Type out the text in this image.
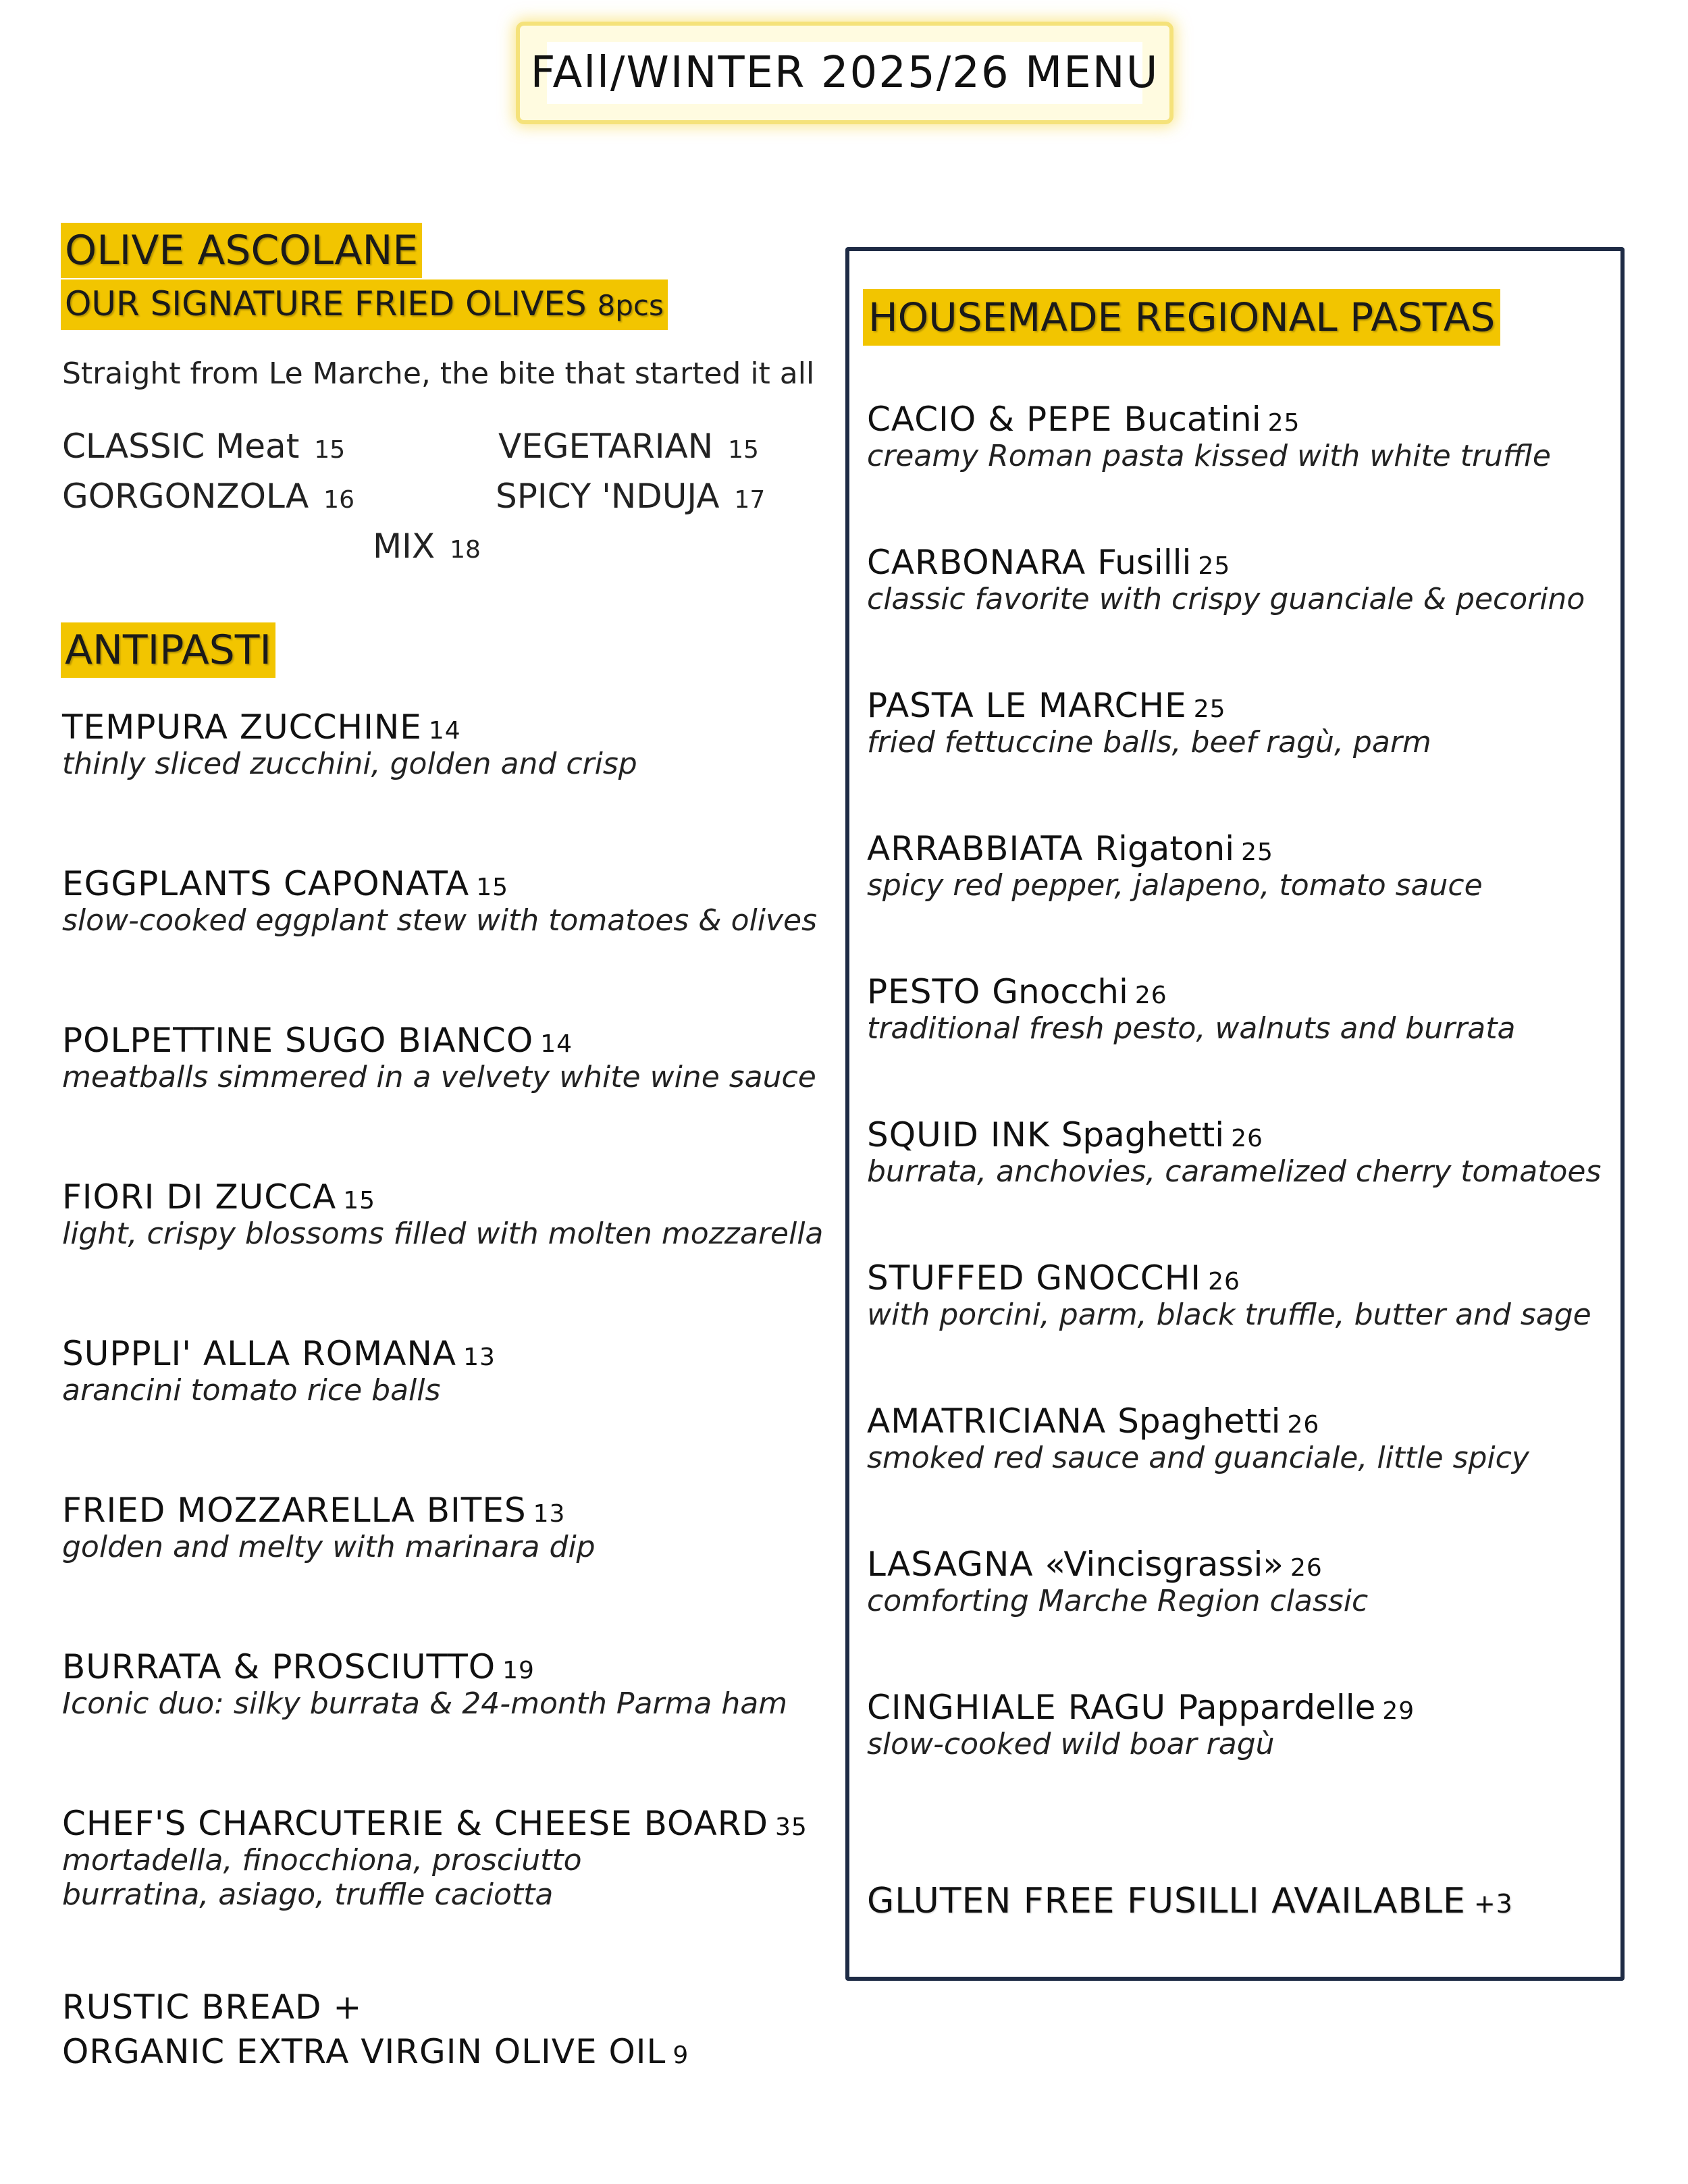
FAll/WINTER 2025/26 MENU
OLIVE ASCOLANE
OUR SIGNATURE FRIED OLIVES 8pcs
Straight from Le Marche, the bite that started it all
CLASSIC Meat 15	VEGETARIAN 15
GORGONZOLA 16	SPICY 'NDUJA 17
MIX 18
ANTIPASTI
TEMPURA ZUCCHINE 14
thinly sliced zucchini, golden and crisp
EGGPLANTS CAPONATA 15
slow-cooked eggplant stew with tomatoes & olives
POLPETTINE SUGO BIANCO 14
meatballs simmered in a velvety white wine sauce
FIORI DI ZUCCA 15
light, crispy blossoms filled with molten mozzarella
SUPPLI' ALLA ROMANA 13
arancini tomato rice balls
FRIED MOZZARELLA BITES 13
golden and melty with marinara dip
BURRATA & PROSCIUTTO 19
Iconic duo: silky burrata & 24-month Parma ham
CHEF'S CHARCUTERIE & CHEESE BOARD 35
mortadella, finocchiona, prosciutto
burratina, asiago, truffle caciotta
RUSTIC BREAD +
ORGANIC EXTRA VIRGIN OLIVE OIL 9
HOUSEMADE REGIONAL PASTAS
CACIO & PEPE Bucatini 25
creamy Roman pasta kissed with white truffle
CARBONARA Fusilli 25
classic favorite with crispy guanciale & pecorino
PASTA LE MARCHE 25
fried fettuccine balls, beef ragù, parm
ARRABBIATA Rigatoni 25
spicy red pepper, jalapeno, tomato sauce
PESTO Gnocchi 26
traditional fresh pesto, walnuts and burrata
SQUID INK Spaghetti 26
burrata, anchovies, caramelized cherry tomatoes
STUFFED GNOCCHI 26
with porcini, parm, black truffle, butter and sage
AMATRICIANA Spaghetti 26
smoked red sauce and guanciale, little spicy
LASAGNA «Vincisgrassi» 26
comforting Marche Region classic
CINGHIALE RAGU Pappardelle 29
slow-cooked wild boar ragù
GLUTEN FREE FUSILLI AVAILABLE +3
